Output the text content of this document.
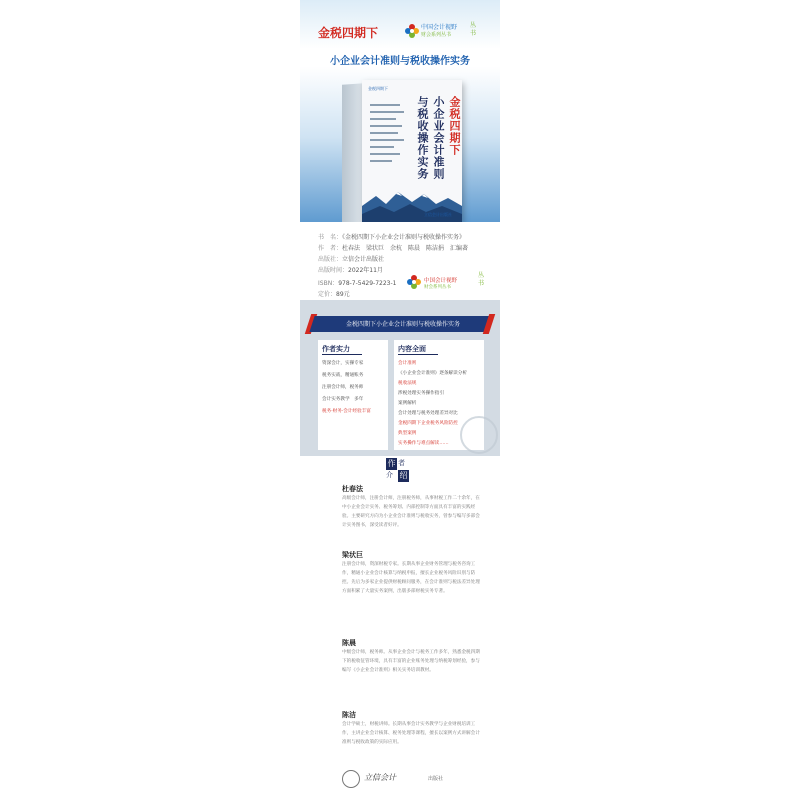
金税四期下	中国会计视野
财会系列丛书
丛书
小企业会计准则与税收操作实务
金税四期下
金税四期下
小企业会计准则
与税收操作实务
立信会计出版社
书　名：《金税四期下小企业会计准则与税收操作实务》
作　者：杜春法　梁状巨　余杭　陈晨　陈洁捐　汇编著
出版社：立信会计出版社
出版时间：2022年11月
ISBN：978-7-5429-7223-1
定价：89元
中国会计视野
财会系列丛书
丛书
金税四期下小企业会计准则与税收操作实务
作者实力
资深会计，实操专家
税务实战，精通账务
注册会计师，税务师
会计实务教学　多年
税务·财务·会计经验丰富
内容全面
会计准则
《小企业会计准则》逐条解读分析
税收法规
涉税处理实务操作指引
案例解析
会计处理与税务处理差异对比
金税四期下企业税务风险防控
典型案例
实务操作与难点解读……
作 者
介 绍
杜春法
高级会计师，注册会计师，注册税务师，从事财税工作二十余年，在中小企业会计实务、税务筹划、内部控制等方面具有丰富的实践经验。主要研究方向为小企业会计准则与税收实务，曾参与编写多部会计实务图书，深受读者好评。
梁状巨
注册会计师，资深财税专家。长期从事企业财务管理与税务咨询工作，精通小企业会计核算与纳税申报，擅长企业税务风险识别与防控。先后为多家企业提供财税顾问服务，在会计准则与税法差异处理方面积累了大量实务案例，出版多部财税实务专著。
陈晨
中级会计师，税务师。从事企业会计与税务工作多年，熟悉金税四期下的税收征管环境，具有丰富的企业账务处理与纳税筹划经验，参与编写《小企业会计准则》相关实务培训教材。
陈洁
会计学硕士，财税讲师。长期从事会计实务教学与企业财税培训工作，主讲企业会计核算、税务处理等课程，擅长以案例方式讲解会计准则与税收政策的实际应用。
立信会计	出版社
